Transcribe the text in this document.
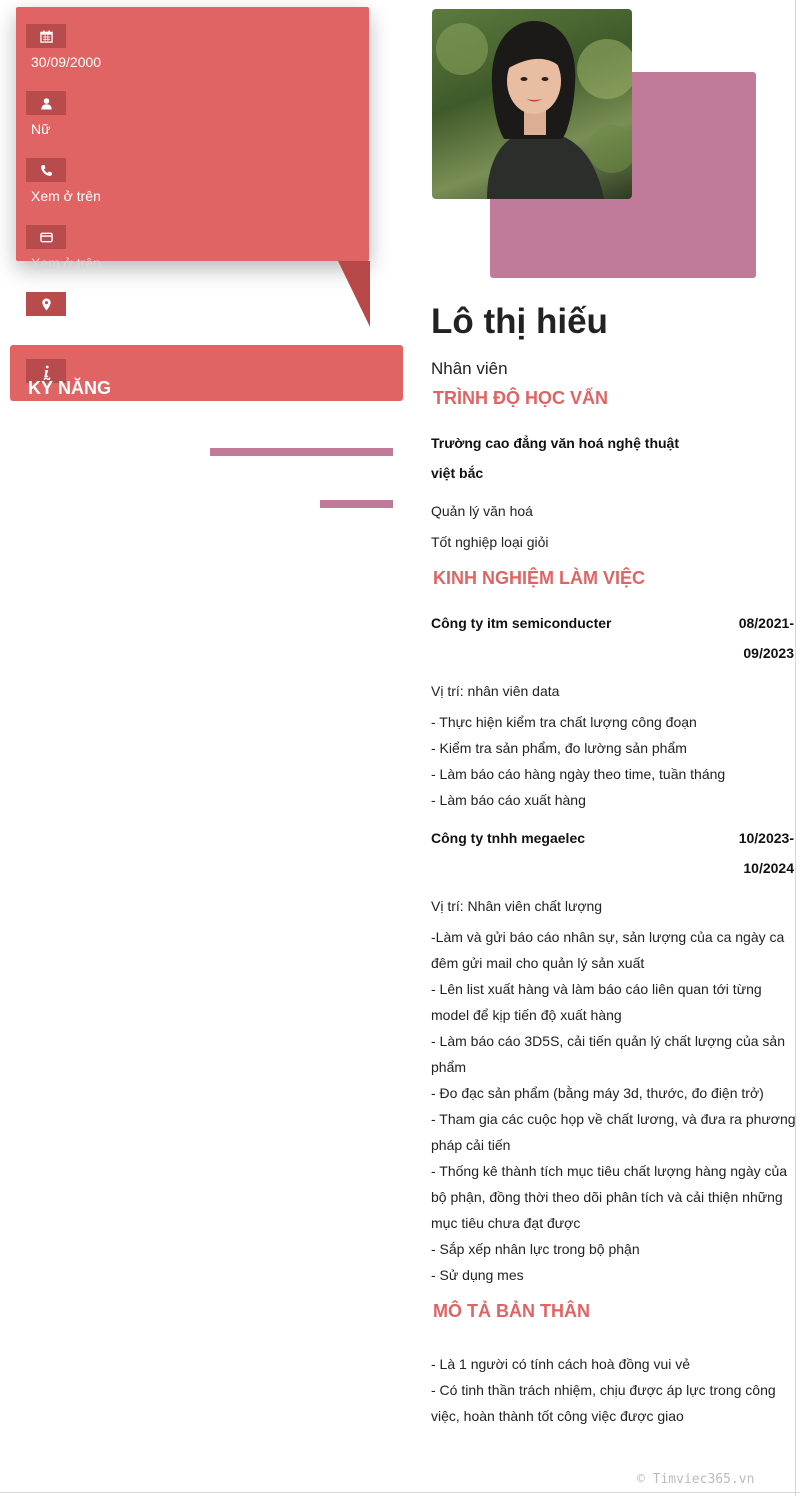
30/09/2000
Nữ
Xem ở trên
Xem ở trên
KỸ NĂNG
Lô thị hiếu
Nhân viên
TRÌNH ĐỘ HỌC VẤN
Trường cao đẳng văn hoá nghệ thuật
việt bắc
Quản lý văn hoá
Tốt nghiệp loại giỏi
KINH NGHIỆM LÀM VIỆC
Công ty itm semiconducter	08/2021-
09/2023
Vị trí: nhân viên data
- Thực hiện kiểm tra chất lượng công đoạn
- Kiểm tra sản phẩm, đo lường sản phẩm
- Làm báo cáo hàng ngày theo time, tuần tháng
- Làm báo cáo xuất hàng
Công ty tnhh megaelec	10/2023-
10/2024
Vị trí: Nhân viên chất lượng
-Làm và gửi báo cáo nhân sự, sản lượng của ca ngày ca
đêm gửi mail cho quản lý sản xuất
- Lên list xuất hàng và làm báo cáo liên quan tới từng
model để kịp tiến độ xuất hàng
- Làm báo cáo 3D5S, cải tiến quản lý chất lượng của sản
phẩm
- Đo đạc sản phẩm (bằng máy 3d, thước, đo điện trở)
- Tham gia các cuộc họp về chất lương, và đưa ra phương
pháp cải tiến
- Thống kê thành tích mục tiêu chất lượng hàng ngày của
bộ phận, đồng thời theo dõi phân tích và cải thiện những
mục tiêu chưa đạt được
- Sắp xếp nhân lực trong bộ phận
- Sử dụng mes
MÔ TẢ BẢN THÂN
- Là 1 người có tính cách hoà đồng vui vẻ
- Có tinh thần trách nhiệm, chịu được áp lực trong công
việc, hoàn thành tốt công việc được giao
© Timviec365.vn
